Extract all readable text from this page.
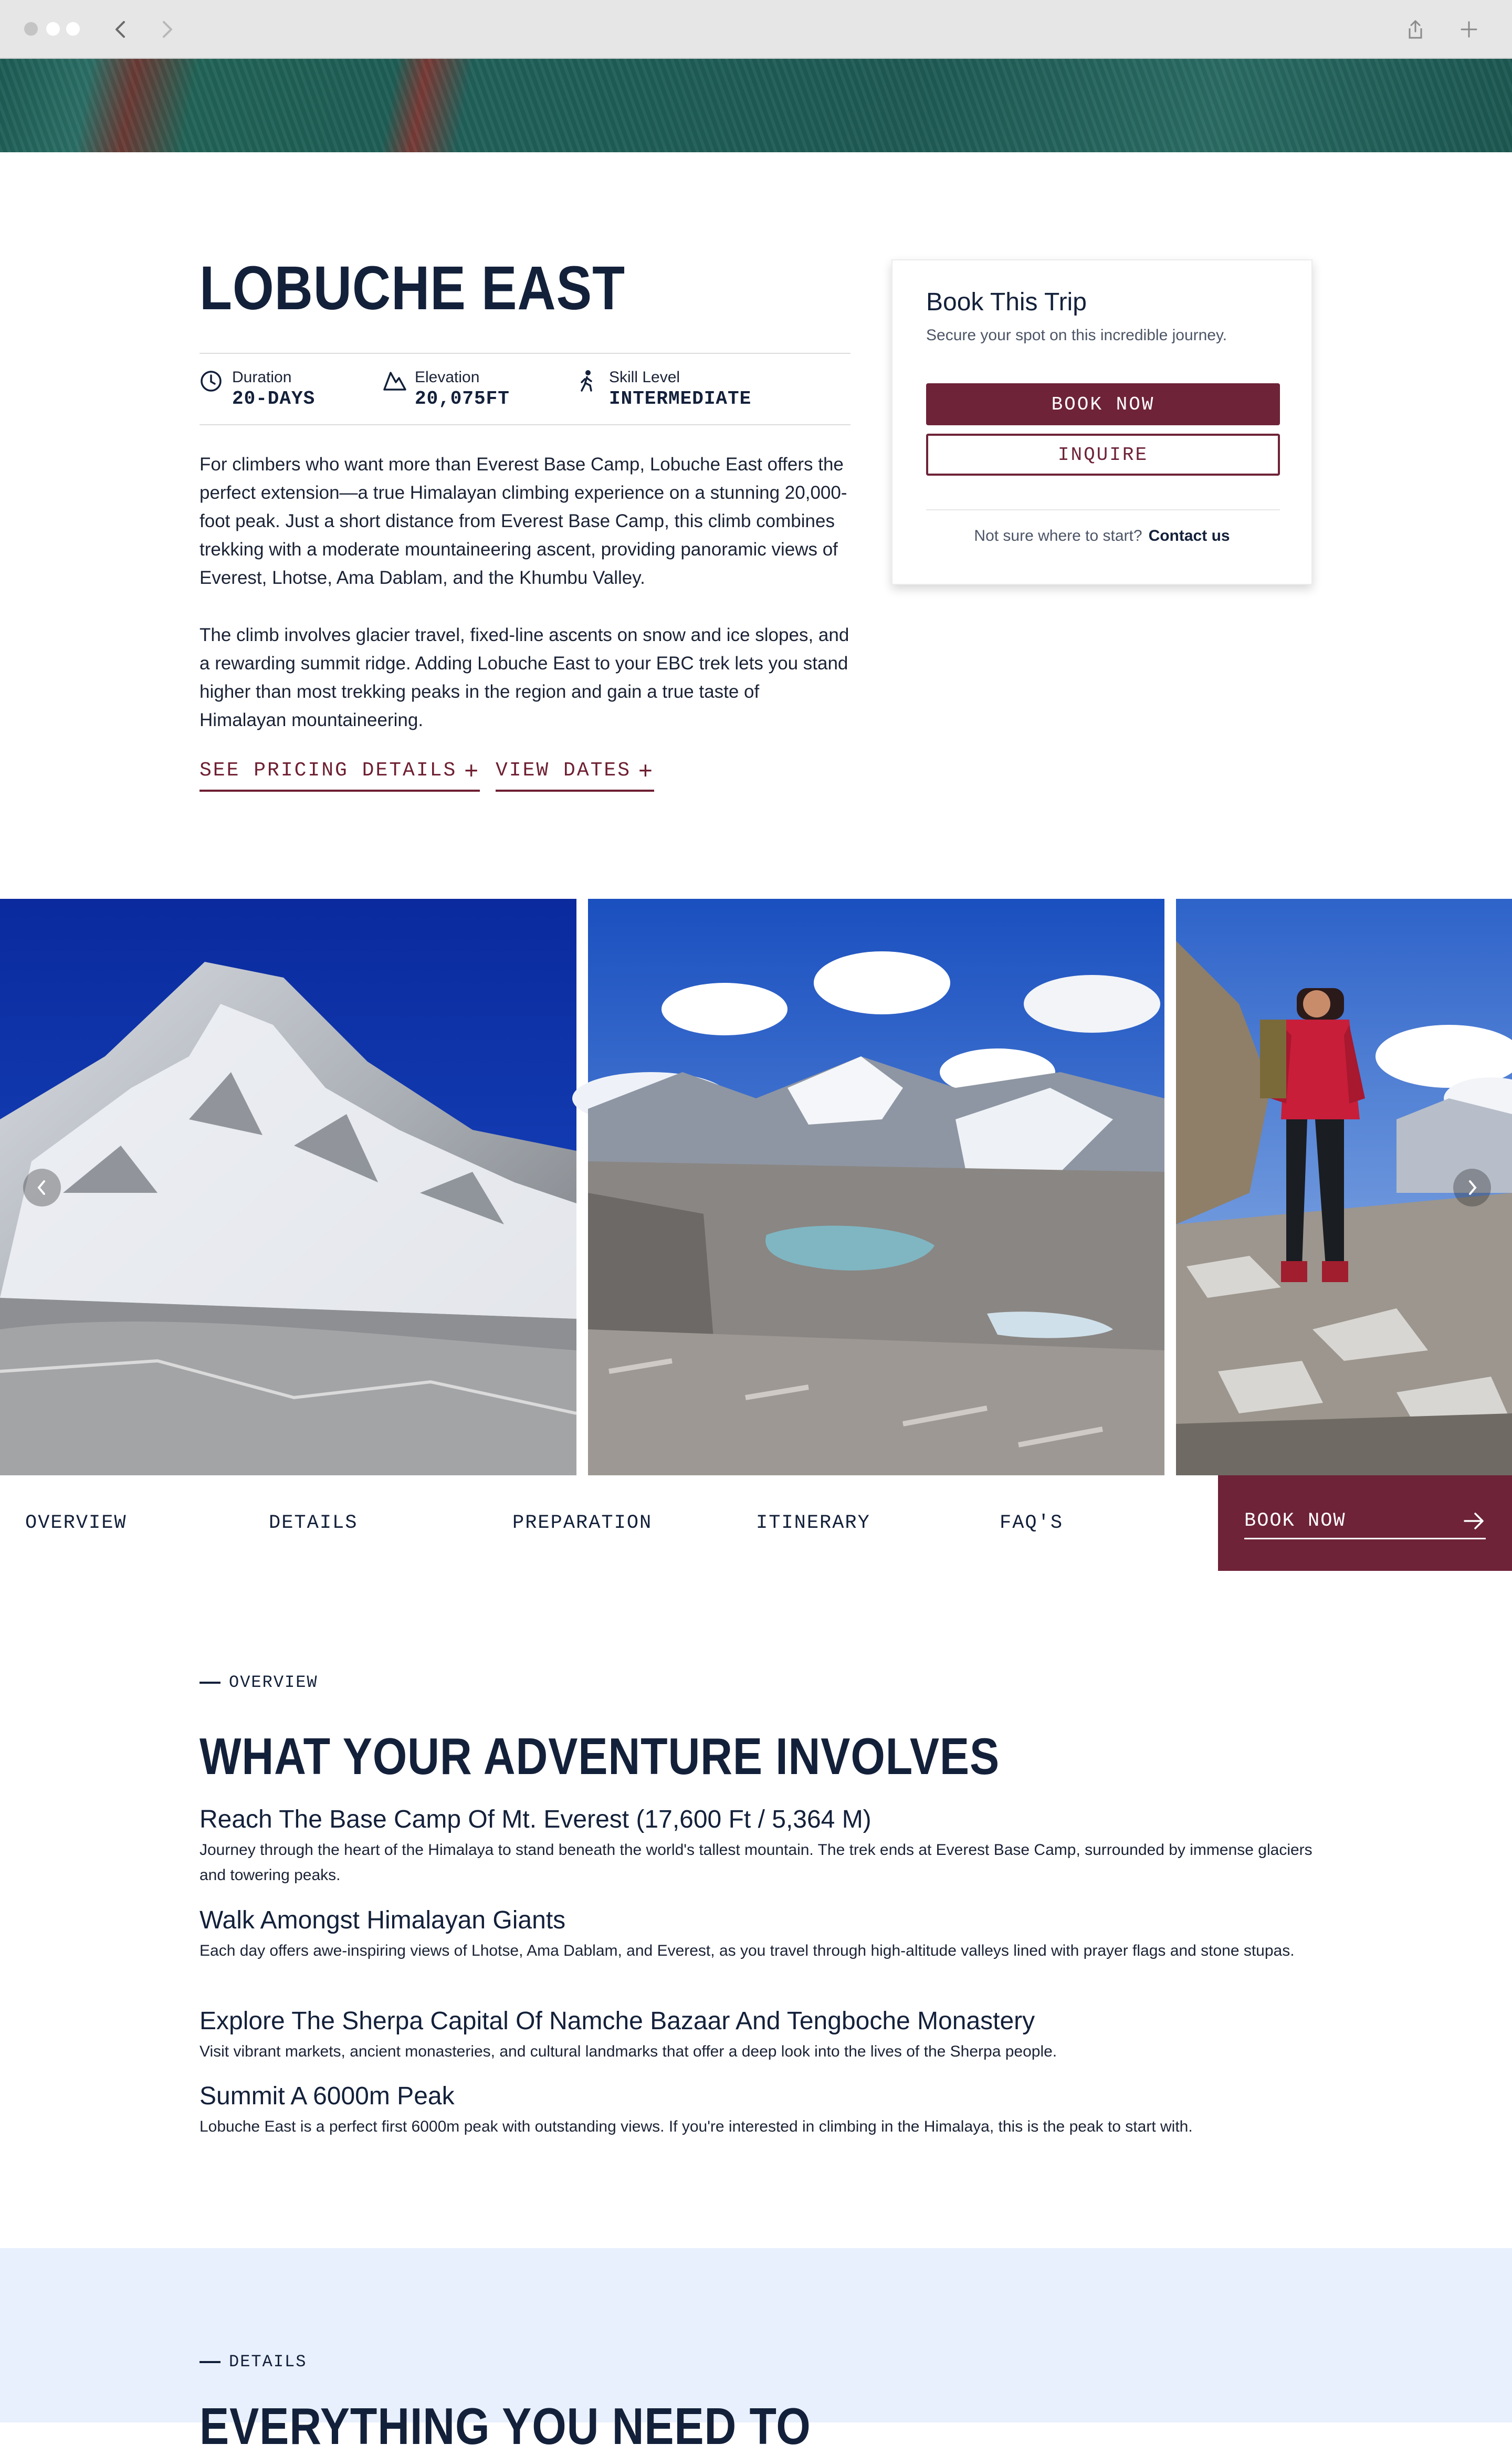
LOBUCHE EAST
Duration
20-DAYS
Elevation
20,075FT
Skill Level
INTERMEDIATE

For climbers who want more than Everest Base Camp, Lobuche East offers the perfect extension—a true Himalayan climbing experience on a stunning 20,000-foot peak. Just a short distance from Everest Base Camp, this climb combines trekking with a moderate mountaineering ascent, providing panoramic views of Everest, Lhotse, Ama Dablam, and the Khumbu Valley.

The climb involves glacier travel, fixed-line ascents on snow and ice slopes, and a rewarding summit ridge. Adding Lobuche East to your EBC trek lets you stand higher than most trekking peaks in the region and gain a true taste of Himalayan mountaineering.

SEE PRICING DETAILS + VIEW DATES +
Book This Trip
Secure your spot on this incredible journey.
BOOK NOW
INQUIRE
Not sure where to start? Contact us
OVERVIEW	DETAILS	PREPARATION	ITINERARY	FAQ'S	BOOK NOW
OVERVIEW
WHAT YOUR ADVENTURE INVOLVES
Reach The Base Camp Of Mt. Everest (17,600 Ft / 5,364 M)
Journey through the heart of the Himalaya to stand beneath the world's tallest mountain. The trek ends at Everest Base Camp, surrounded by immense glaciers and towering peaks.
Walk Amongst Himalayan Giants
Each day offers awe-inspiring views of Lhotse, Ama Dablam, and Everest, as you travel through high-altitude valleys lined with prayer flags and stone stupas.
Explore The Sherpa Capital Of Namche Bazaar And Tengboche Monastery
Visit vibrant markets, ancient monasteries, and cultural landmarks that offer a deep look into the lives of the Sherpa people.
Summit A 6000m Peak
Lobuche East is a perfect first 6000m peak with outstanding views. If you're interested in climbing in the Himalaya, this is the peak to start with.
DETAILS
EVERYTHING YOU NEED TO
